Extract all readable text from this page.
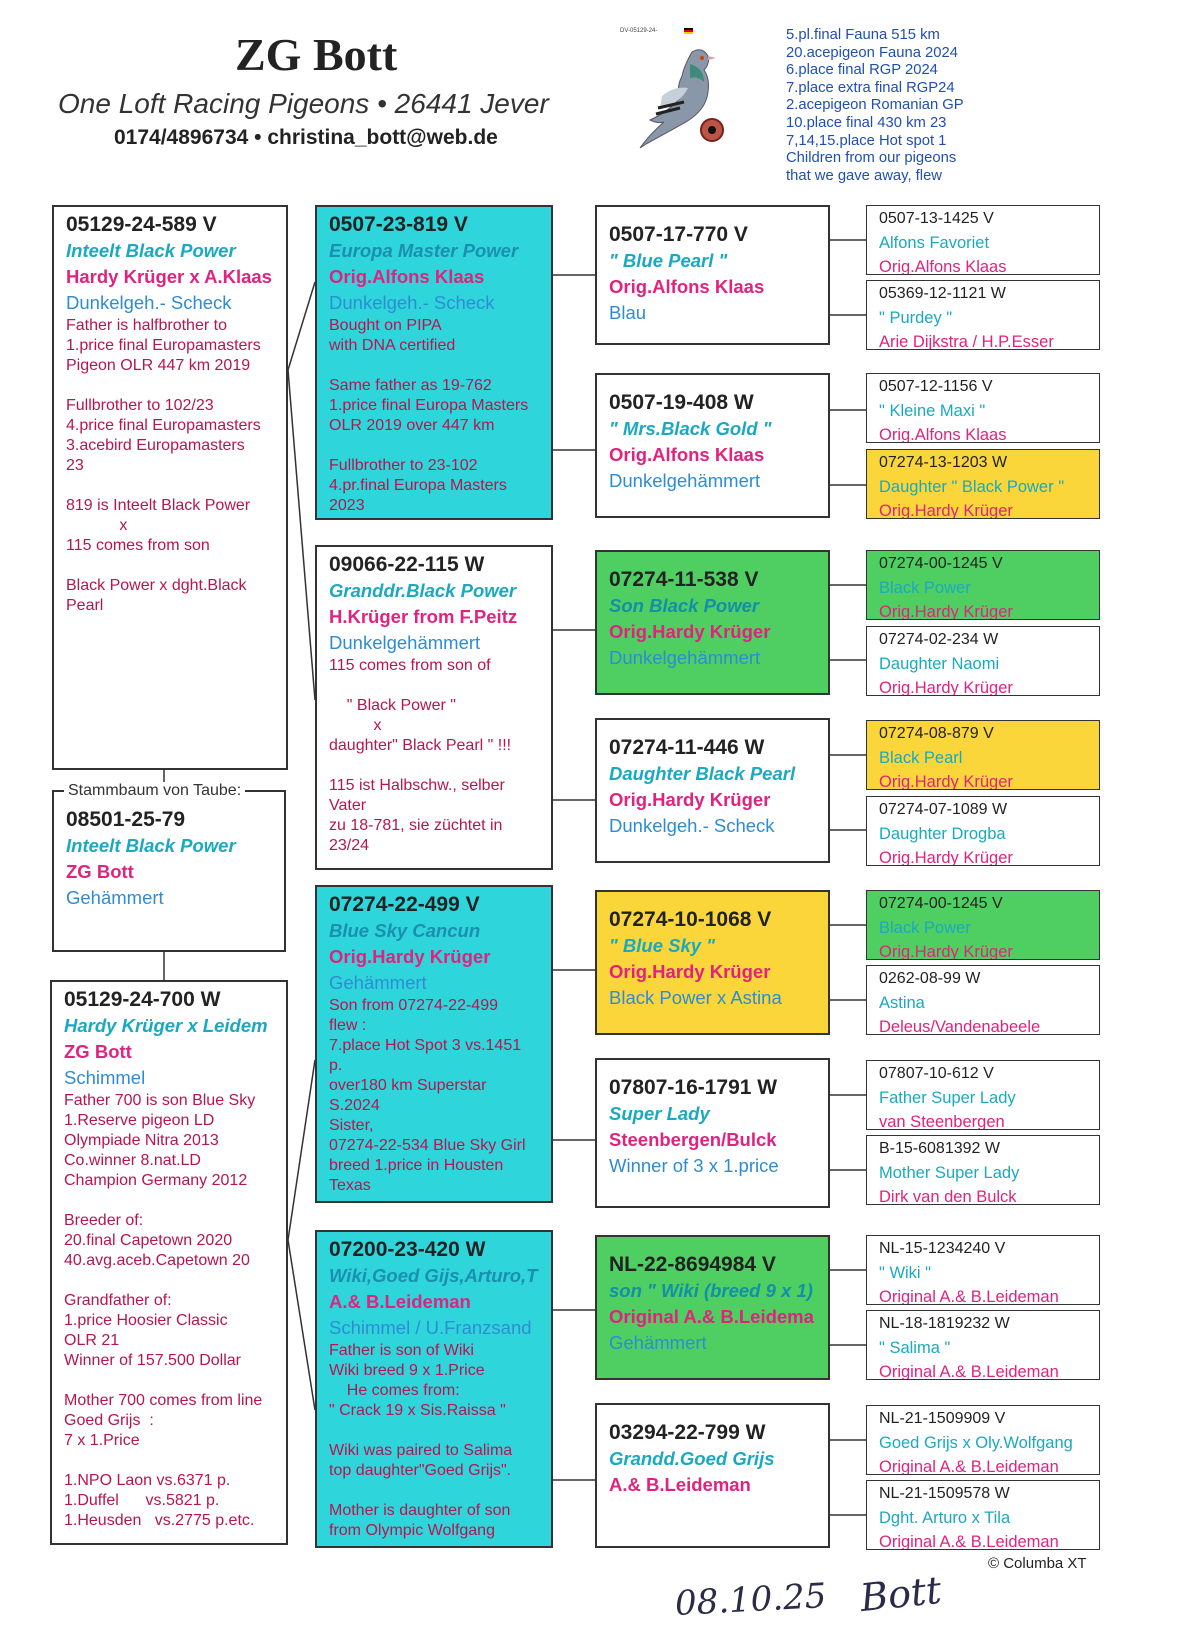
ZG Bott
One Loft Racing Pigeons • 26441 Jever
0174/4896734 • christina_bott@web.de
DV-05129-24-	5.pl.final Fauna 515 km
20.acepigeon Fauna 2024
6.place final RGP 2024
7.place extra final RGP24
2.acepigeon Romanian GP
10.place final 430 km 23
7,14,15.place Hot spot 1
Children from our pigeons
that we gave away, flew
05129-24-589 V
Inteelt Black Power
Hardy Krüger x A.Klaas
Dunkelgeh.- Scheck
Father is halfbrother to
1.price final Europamasters
Pigeon OLR 447 km 2019

Fullbrother to 102/23
4.price final Europamasters
3.acebird Europamasters
23

819 is Inteelt Black Power
x
115 comes from son

Black Power x dght.Black
Pearl
08501-25-79
Inteelt Black Power
ZG Bott
Gehämmert
Stammbaum von Taube:
05129-24-700 W
Hardy Krüger x Leidem
ZG Bott
Schimmel
Father 700 is son Blue Sky
1.Reserve pigeon LD
Olympiade Nitra 2013
Co.winner 8.nat.LD
Champion Germany 2012

Breeder of:
20.final Capetown 2020
40.avg.aceb.Capetown 20

Grandfather of:
1.price Hoosier Classic
OLR 21
Winner of 157.500 Dollar

Mother 700 comes from line
Goed Grijs  :
7 x 1.Price

1.NPO Laon vs.6371 p.
1.Duffel      vs.5821 p.
1.Heusden   vs.2775 p.etc.
0507-23-819 V
Europa Master Power
Orig.Alfons Klaas
Dunkelgeh.- Scheck
Bought on PIPA
with DNA certified

Same father as 19-762
1.price final Europa Masters
OLR 2019 over 447 km

Fullbrother to 23-102
4.pr.final Europa Masters
2023
09066-22-115 W
Granddr.Black Power
H.Krüger from F.Peitz
Dunkelgehämmert
115 comes from son of

" Black Power "
x
daughter" Black Pearl " !!!

115 ist Halbschw., selber
Vater
zu 18-781, sie züchtet in
23/24
07274-22-499 V
Blue Sky Cancun
Orig.Hardy Krüger
Gehämmert
Son from 07274-22-499
flew :
7.place Hot Spot 3 vs.1451
p.
over180 km Superstar
S.2024
Sister,
07274-22-534 Blue Sky Girl
breed 1.price in Housten
Texas
07200-23-420 W
Wiki,Goed Gijs,Arturo,T
A.& B.Leideman
Schimmel / U.Franzsand
Father is son of Wiki
Wiki breed 9 x 1.Price
He comes from:
" Crack 19 x Sis.Raissa "

Wiki was paired to Salima
top daughter"Goed Grijs".

Mother is daughter of son
from Olympic Wolfgang
0507-17-770 V
" Blue Pearl "
Orig.Alfons Klaas
Blau
0507-19-408 W
" Mrs.Black Gold "
Orig.Alfons Klaas
Dunkelgehämmert
07274-11-538 V
Son Black Power
Orig.Hardy Krüger
Dunkelgehämmert
07274-11-446 W
Daughter Black Pearl
Orig.Hardy Krüger
Dunkelgeh.- Scheck
07274-10-1068 V
" Blue Sky "
Orig.Hardy Krüger
Black Power x Astina
07807-16-1791 W
Super Lady
Steenbergen/Bulck
Winner of 3 x 1.price
NL-22-8694984 V
son " Wiki (breed 9 x 1)
Original A.& B.Leidema
Gehämmert
03294-22-799 W
Grandd.Goed Grijs
A.& B.Leideman
0507-13-1425 V
Alfons Favoriet
Orig.Alfons Klaas
05369-12-1121 W
" Purdey "
Arie Dijkstra / H.P.Esser
0507-12-1156 V
" Kleine Maxi "
Orig.Alfons Klaas
07274-13-1203 W
Daughter " Black Power "
Orig.Hardy Krüger
07274-00-1245 V
Black Power
Orig.Hardy Krüger
07274-02-234 W
Daughter Naomi
Orig.Hardy Krüger
07274-08-879 V
Black Pearl
Orig.Hardy Krüger
07274-07-1089 W
Daughter Drogba
Orig.Hardy Krüger
07274-00-1245 V
Black Power
Orig.Hardy Krüger
0262-08-99 W
Astina
Deleus/Vandenabeele
07807-10-612 V
Father Super Lady
van Steenbergen
B-15-6081392 W
Mother Super Lady
Dirk van den Bulck
NL-15-1234240 V
" Wiki "
Original A.& B.Leideman
NL-18-1819232 W
" Salima "
Original A.& B.Leideman
NL-21-1509909 V
Goed Grijs x Oly.Wolfgang
Original A.& B.Leideman
NL-21-1509578 W
Dght. Arturo x Tila
Original A.& B.Leideman
© Columba XT
08.10.25 Bott
